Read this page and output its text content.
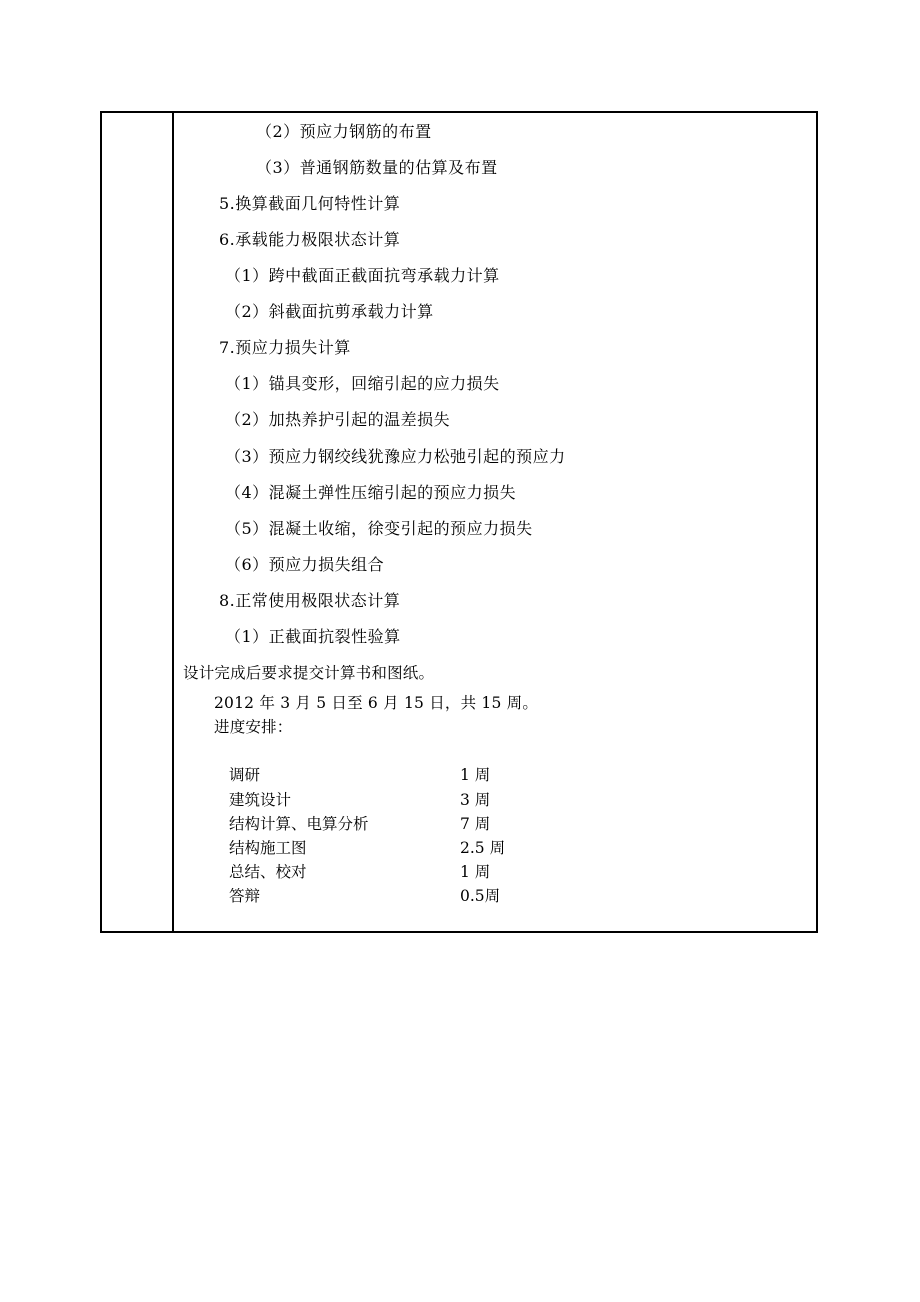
（2）预应力钢筋的布置
（3）普通钢筋数量的估算及布置
5.换算截面几何特性计算
6.承载能力极限状态计算
（1）跨中截面正截面抗弯承载力计算
（2）斜截面抗剪承载力计算
7.预应力损失计算
（1）锚具变形，回缩引起的应力损失
（2）加热养护引起的温差损失
（3）预应力钢绞线犹豫应力松弛引起的预应力
（4）混凝土弹性压缩引起的预应力损失
（5）混凝土收缩，徐变引起的预应力损失
（6）预应力损失组合
8.正常使用极限状态计算
（1）正截面抗裂性验算
设计完成后要求提交计算书和图纸。
2012 年 3 月 5 日至 6 月 15 日，共 15 周。
进度安排：
调研	1 周
建筑设计	3 周
结构计算、电算分析	7 周
结构施工图	2.5 周
总结、校对	1 周
答辩	0.5周
